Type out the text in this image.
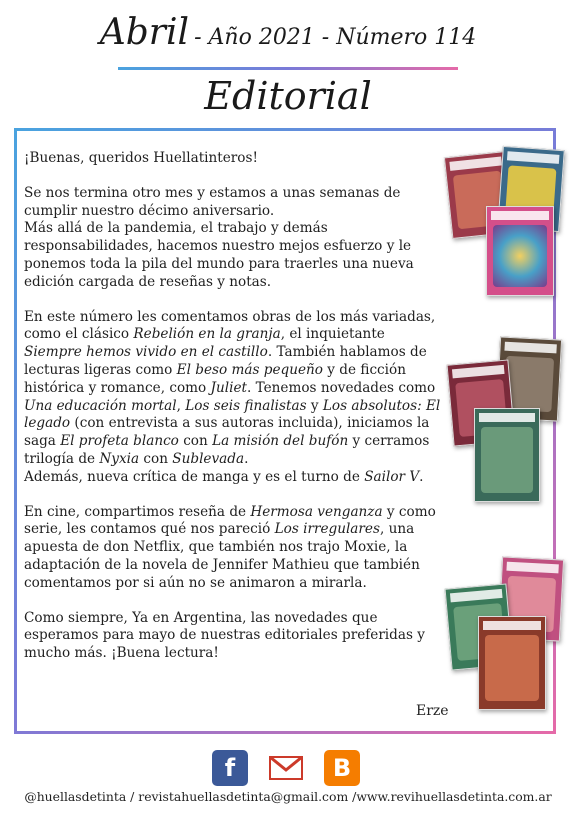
Abril - Año 2021 - Número 114
Editorial

¡Buenas, queridos Huellatinteros!

Se nos termina otro mes y estamos a unas semanas de cumplir nuestro décimo aniversario.
Más allá de la pandemia, el trabajo y demás responsabilidades, hacemos nuestro mejos esfuerzo y le ponemos toda la pila del mundo para traerles una nueva edición cargada de reseñas y notas.

En este número les comentamos obras de los más variadas, como el clásico Rebelión en la granja, el inquietante Siempre hemos vivido en el castillo. También hablamos de lecturas ligeras como El beso más pequeño y de ficción histórica y romance, como Juliet. Tenemos novedades como Una educación mortal, Los seis finalistas y Los absolutos: El legado (con entrevista a sus autoras incluida), iniciamos la saga El profeta blanco con La misión del bufón y cerramos trilogía de Nyxia con Sublevada.
Además, nueva crítica de manga y es el turno de Sailor V.

En cine, compartimos reseña de Hermosa venganza y como serie, les contamos qué nos pareció Los irregulares, una apuesta de don Netflix, que también nos trajo Moxie, la adaptación de la novela de Jennifer Mathieu que también comentamos por si aún no se animaron a mirarla.

Como siempre, Ya en Argentina, las novedades que esperamos para mayo de nuestras editoriales preferidas y mucho más. ¡Buena lectura!

Erze
f	B
@huellasdetinta / revistahuellasdetinta@gmail.com /www.revihuellasdetinta.com.ar
